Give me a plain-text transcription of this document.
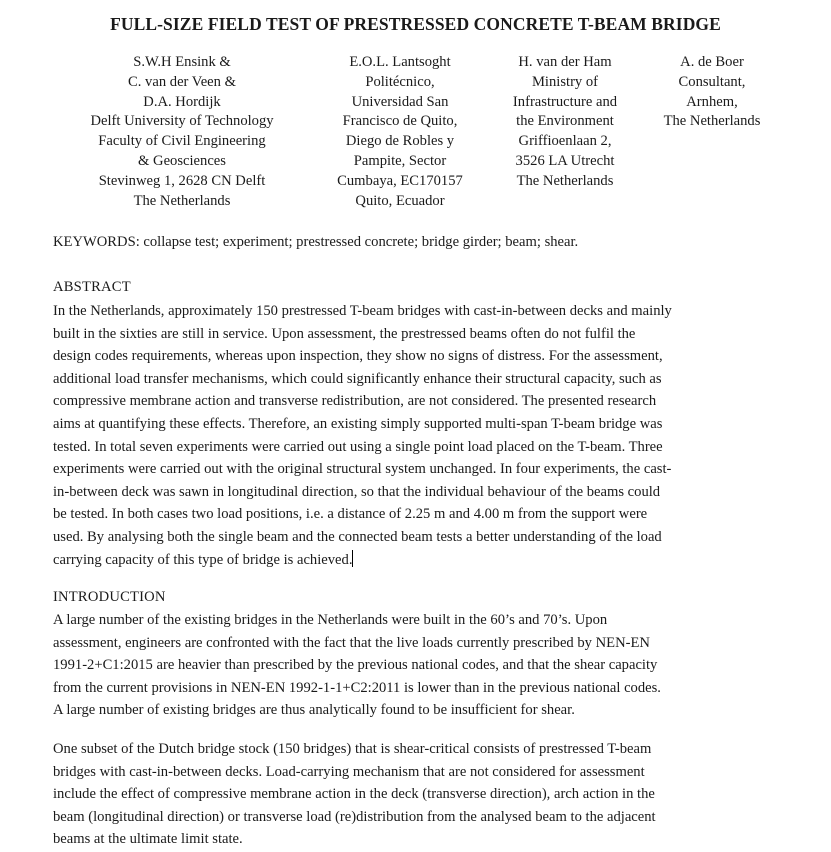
FULL-SIZE FIELD TEST OF PRESTRESSED CONCRETE T-BEAM BRIDGE
S.W.H Ensink &
C. van der Veen &
D.A. Hordijk
Delft University of Technology
Faculty of Civil Engineering
& Geosciences
Stevinweg 1, 2628 CN Delft
The Netherlands
E.O.L. Lantsoght
Politécnico,
Universidad San
Francisco de Quito,
Diego de Robles y
Pampite, Sector
Cumbaya, EC170157
Quito, Ecuador
H. van der Ham
Ministry of
Infrastructure and
the Environment
Griffioenlaan 2,
3526 LA Utrecht
The Netherlands
A. de Boer
Consultant,
Arnhem,
The Netherlands
KEYWORDS: collapse test; experiment; prestressed concrete; bridge girder; beam; shear.
ABSTRACT
In the Netherlands, approximately 150 prestressed T-beam bridges with cast-in-between decks and mainly
built in the sixties are still in service. Upon assessment, the prestressed beams often do not fulfil the
design codes requirements, whereas upon inspection, they show no signs of distress. For the assessment,
additional load transfer mechanisms, which could significantly enhance their structural capacity, such as
compressive membrane action and transverse redistribution, are not considered. The presented research
aims at quantifying these effects. Therefore, an existing simply supported multi-span T-beam bridge was
tested. In total seven experiments were carried out using a single point load placed on the T-beam. Three
experiments were carried out with the original structural system unchanged. In four experiments, the cast-
in-between deck was sawn in longitudinal direction, so that the individual behaviour of the beams could
be tested. In both cases two load positions, i.e. a distance of 2.25 m and 4.00 m from the support were
used. By analysing both the single beam and the connected beam tests a better understanding of the load
carrying capacity of this type of bridge is achieved.
INTRODUCTION
A large number of the existing bridges in the Netherlands were built in the 60’s and 70’s. Upon
assessment, engineers are confronted with the fact that the live loads currently prescribed by NEN-EN
1991-2+C1:2015 are heavier than prescribed by the previous national codes, and that the shear capacity
from the current provisions in NEN-EN 1992-1-1+C2:2011 is lower than in the previous national codes.
A large number of existing bridges are thus analytically found to be insufficient for shear.
One subset of the Dutch bridge stock (150 bridges) that is shear-critical consists of prestressed T-beam
bridges with cast-in-between decks. Load-carrying mechanism that are not considered for assessment
include the effect of compressive membrane action in the deck (transverse direction), arch action in the
beam (longitudinal direction) or transverse load (re)distribution from the analysed beam to the adjacent
beams at the ultimate limit state.
